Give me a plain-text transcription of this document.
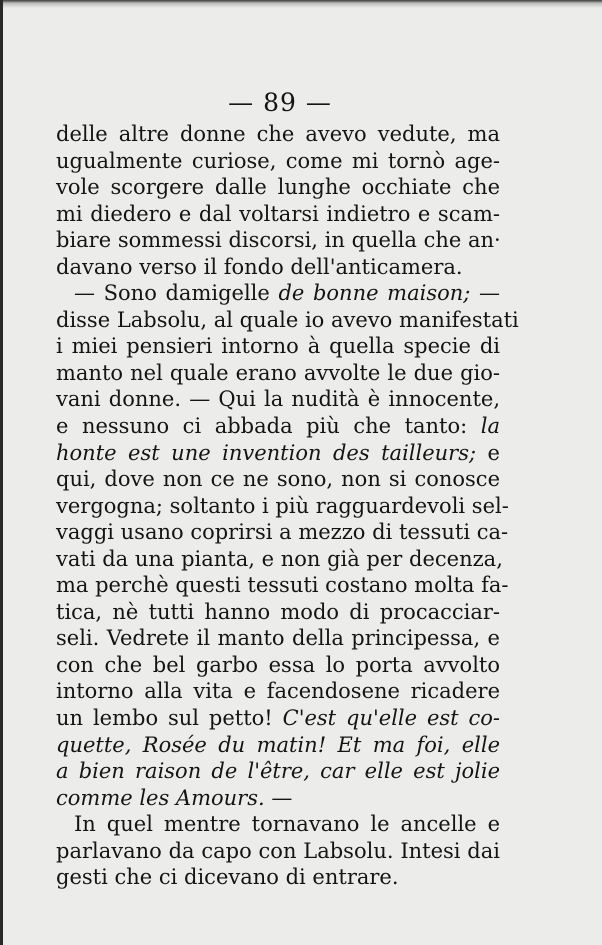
— 89 —
delle altre donne che avevo vedute, ma
ugualmente curiose, come mi tornò age-
vole scorgere dalle lunghe occhiate che
mi diedero e dal voltarsi indietro e scam-
biare sommessi discorsi, in quella che an·
davano verso il fondo dell'anticamera.
— Sono damigelle de bonne maison; —
disse Labsolu, al quale io avevo manifestati
i miei pensieri intorno à quella specie di
manto nel quale erano avvolte le due gio-
vani donne. — Qui la nudità è innocente,
e nessuno ci abbada più che tanto: la
honte est une invention des tailleurs; e
qui, dove non ce ne sono, non si conosce
vergogna; soltanto i più ragguardevoli sel-
vaggi usano coprirsi a mezzo di tessuti ca-
vati da una pianta, e non già per decenza,
ma perchè questi tessuti costano molta fa-
tica, nè tutti hanno modo di procacciar-
seli. Vedrete il manto della principessa, e
con che bel garbo essa lo porta avvolto
intorno alla vita e facendosene ricadere
un lembo sul petto! C'est qu'elle est co-
quette, Rosée du matin! Et ma foi, elle
a bien raison de l'être, car elle est jolie
comme les Amours. —
In quel mentre tornavano le ancelle e
parlavano da capo con Labsolu. Intesi dai
gesti che ci dicevano di entrare.
